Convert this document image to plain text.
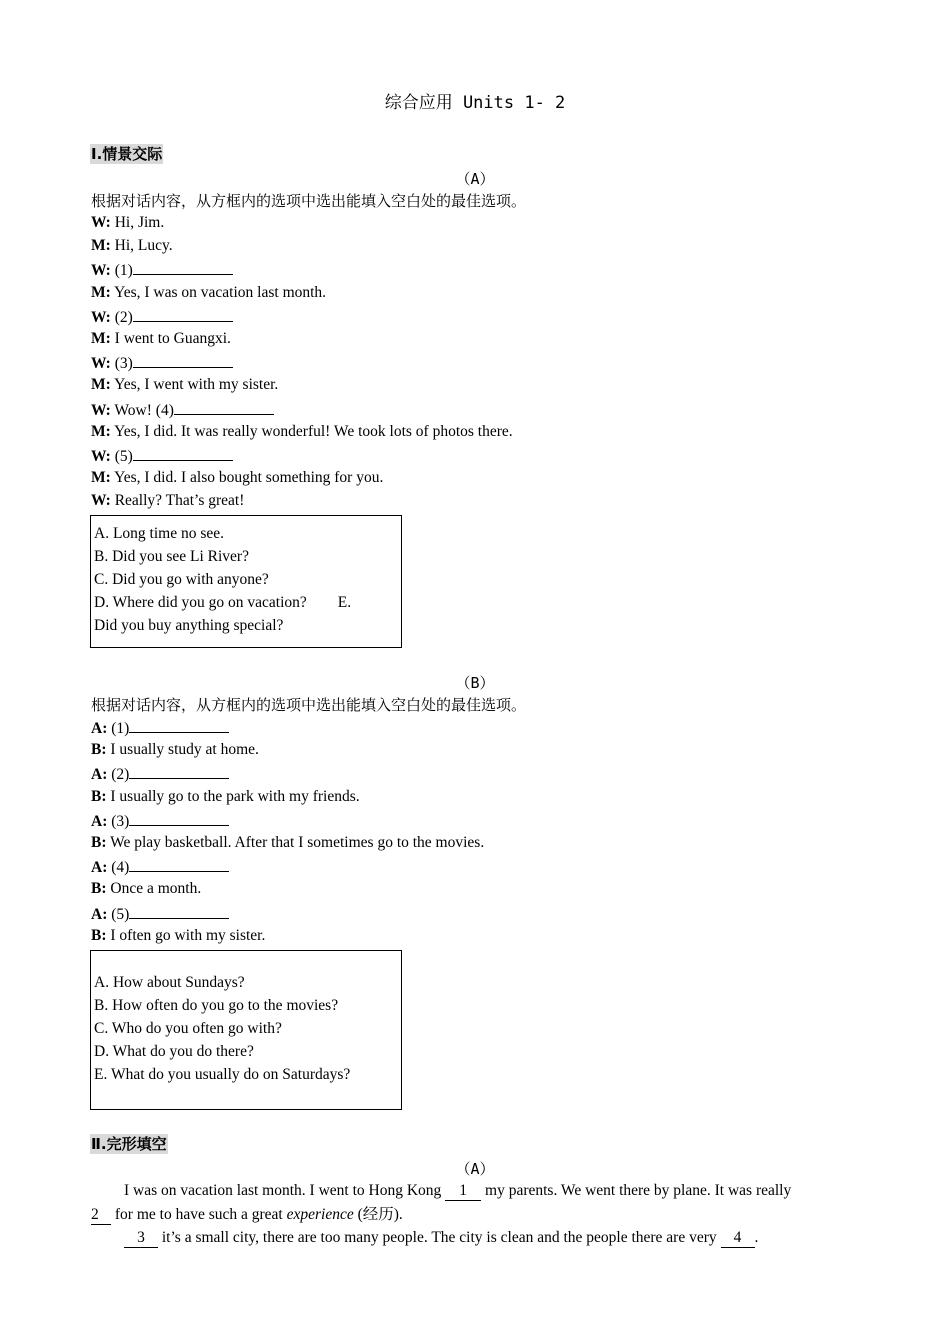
综合应用 Units 1- 2
Ⅰ.情景交际
（A）
根据对话内容，从方框内的选项中选出能填入空白处的最佳选项。
W: Hi, Jim.
M: Hi, Lucy.
W: (1)
M: Yes, I was on vacation last month.
W: (2)
M: I went to Guangxi.
W: (3)
M: Yes, I went with my sister.
W: Wow! (4)
M: Yes, I did. It was really wonderful! We took lots of photos there.
W: (5)
M: Yes, I did. I also bought something for you.
W: Really? That’s great!
A. Long time no see.
B. Did you see Li River?
C. Did you go with anyone?
D. Where did you go on vacation?        E.
Did you buy anything special?
（B）
根据对话内容，从方框内的选项中选出能填入空白处的最佳选项。
A: (1)
B: I usually study at home.
A: (2)
B: I usually go to the park with my friends.
A: (3)
B: We play basketball. After that I sometimes go to the movies.
A: (4)
B: Once a month.
A: (5)
B: I often go with my sister.
A. How about Sundays?
B. How often do you go to the movies?
C. Who do you often go with?
D. What do you do there?
E. What do you usually do on Saturdays?
Ⅱ.完形填空
（A）
I was on vacation last month. I went to Hong Kong 1 my parents. We went there by plane. It was really
2 for me to have such a great experience (经历).
3 it’s a small city, there are too many people. The city is clean and the people there are very 4 .
